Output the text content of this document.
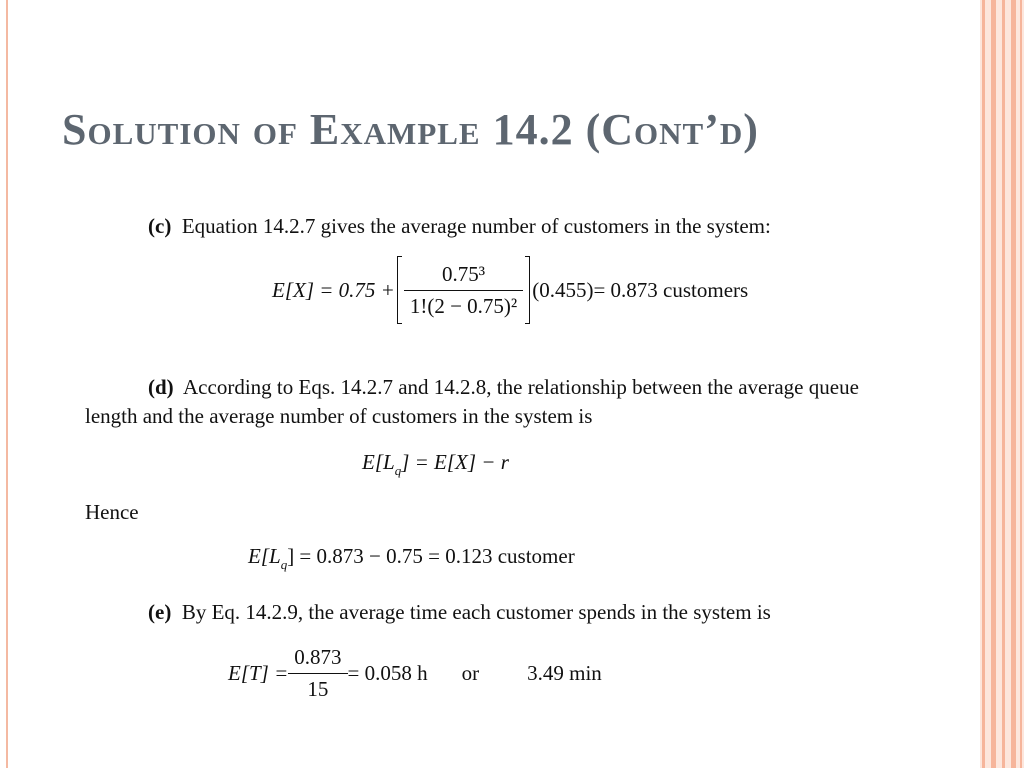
Solution of Example 14.2 (Cont’d)
(c) Equation 14.2.7 gives the average number of customers in the system:
$E[X] = 0.75 + \frac{\text{0.75³}}{\text{1!(2 − 0.75)²}} (0.455) = 0.873$ customers
(d) According to Eqs. 14.2.7 and 14.2.8, the relationship between the average queue
length and the average number of customers in the system is
$E[L_q] = E[X] - r$
Hence
$E[L_q] = 0.873 - 0.75 = 0.123$ customer
(e) By Eq. 14.2.9, the average time each customer spends in the system is
$E[T] = \frac{0.873}{15} = 0.058$ h or 3.49 min
